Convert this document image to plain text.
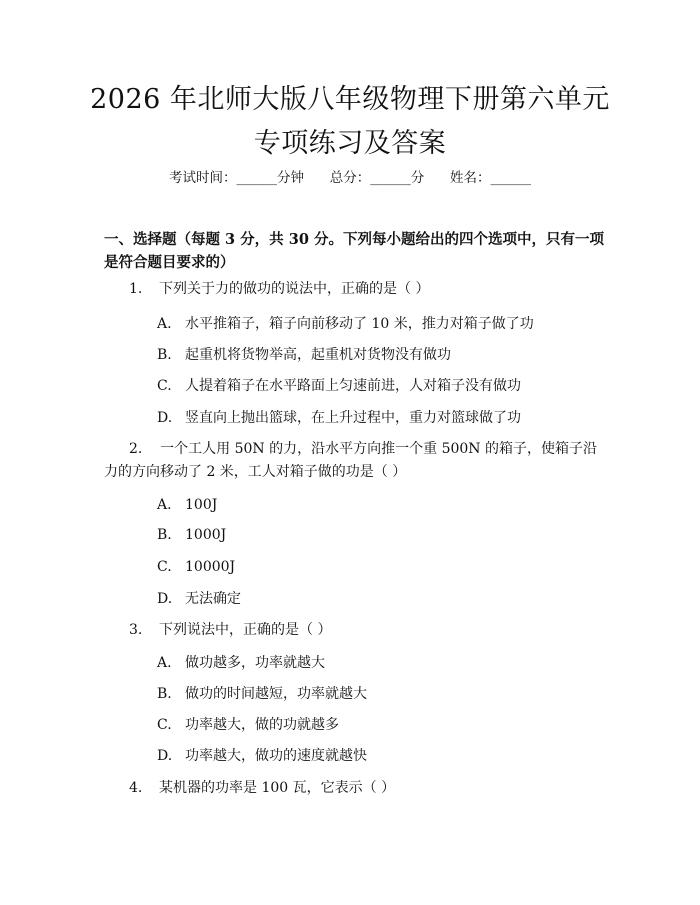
2026 年北师大版八年级物理下册第六单元专项练习及答案
考试时间：______分钟 总分：______分 姓名：______
一、选择题（每题 3 分，共 30 分。下列每小题给出的四个选项中，只有一项是符合题目要求的）
1. 下列关于力的做功的说法中，正确的是（ ）
A. 水平推箱子，箱子向前移动了 10 米，推力对箱子做了功
B. 起重机将货物举高，起重机对货物没有做功
C. 人提着箱子在水平路面上匀速前进，人对箱子没有做功
D. 竖直向上抛出篮球，在上升过程中，重力对篮球做了功
2. 一个工人用 50N 的力，沿水平方向推一个重 500N 的箱子，使箱子沿力的方向移动了 2 米，工人对箱子做的功是（ ）
A. 100J
B. 1000J
C. 10000J
D. 无法确定
3. 下列说法中，正确的是（ ）
A. 做功越多，功率就越大
B. 做功的时间越短，功率就越大
C. 功率越大，做的功就越多
D. 功率越大，做功的速度就越快
4. 某机器的功率是 100 瓦，它表示（ ）
